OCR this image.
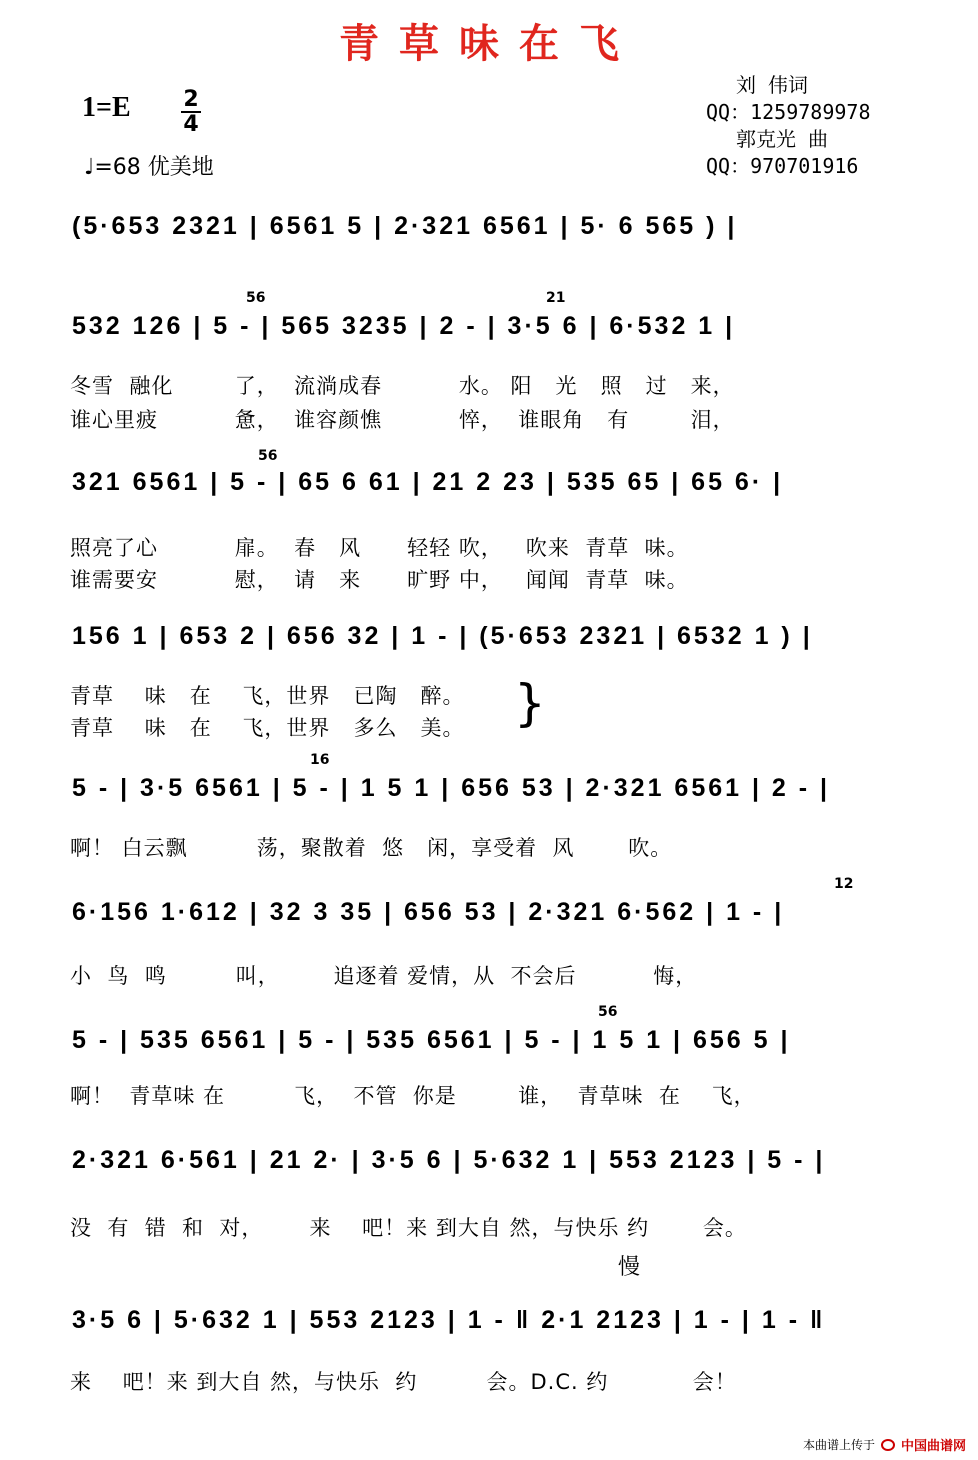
青草味在飞
1=E 2
4
♩=68 优美地
刘 伟词
QQ：1259789978
郭克光 曲
QQ：970701916
(5·653 2321 | 6561 5 | 2·321 6561 | 5· 6 565 ) |
532 126 | 5 - | 565 3235 | 2 - | 3·5 6 | 6·532 1 |
321 6561 | 5 - | 65 6 61 | 21 2 23 | 535 65 | 65 6· |
156 1 | 653 2 | 656 32 | 1 - | (5·653 2321 | 6532 1 ) |
5 - | 3·5 6561 | 5 - | 1 5 1 | 656 53 | 2·321 6561 | 2 - |
6·156 1·612 | 32 3 35 | 656 53 | 2·321 6·562 | 1 - |
5 - | 535 6561 | 5 - | 535 6561 | 5 - | 1 5 1 | 656 5 |
2·321 6·561 | 21 2· | 3·5 6 | 5·632 1 | 553 2123 | 5 - |
3·5 6 | 5·632 1 | 553 2123 | 1 - ‖ 2·1 2123 | 1 - | 1 - ‖
56	21
56
16
12
56
冬雪  融化        了，  流淌成春          水。 阳   光   照   过   来，
谁心里疲          惫，  谁容颜憔          悴，  谁眼角   有        泪，
照亮了心          扉。  春   风      轻轻 吹，   吹来  青草  味。
谁需要安          慰，  请   来      旷野 中，   闻闻  青草  味。
青草    味   在    飞，世界   已陶   醉。
青草    味   在    飞，世界   多么   美。 }
啊！ 白云飘         荡，聚散着  悠   闲，享受着  风       吹。
小  鸟  鸣         叫，       追逐着 爱情，从  不会后          悔，
啊！  青草味 在         飞，  不管  你是        谁，  青草味  在    飞，
没  有  错  和  对，      来    吧！来 到大自 然，与快乐 约       会。
来    吧！来 到大自 然，与快乐  约         会。D.C. 约           会！
慢
本曲谱上传于 中国曲谱网
